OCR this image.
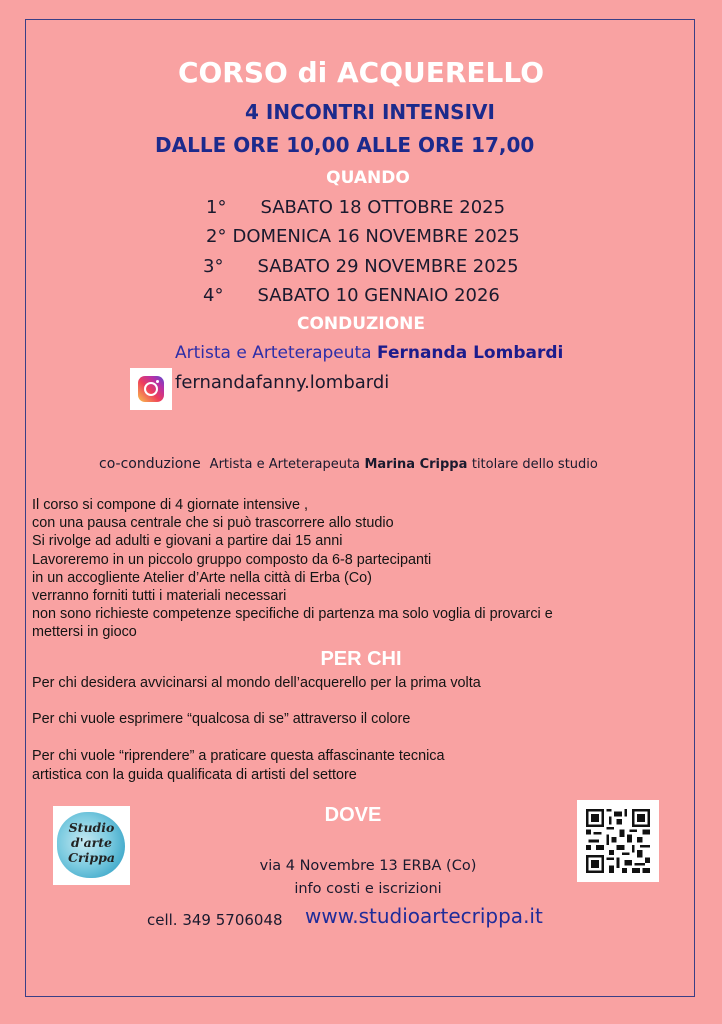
CORSO di ACQUERELLO
4 INCONTRI INTENSIVI
DALLE ORE 10,00 ALLE ORE 17,00
QUANDO
1° SABATO 18 OTTOBRE 2025
2° DOMENICA 16 NOVEMBRE 2025
3° SABATO 29 NOVEMBRE 2025
4° SABATO 10 GENNAIO 2026
CONDUZIONE
Artista e Arteterapeuta Fernanda Lombardi
fernandafanny.lombardi
co-conduzione Artista e Arteterapeuta Marina Crippa titolare dello studio
Il corso si compone di 4 giornate intensive ,
con una pausa centrale che si può trascorrere allo studio
Si rivolge ad adulti e giovani a partire dai 15 anni
Lavoreremo in un piccolo gruppo composto da 6-8 partecipanti
in un accogliente Atelier d’Arte nella città di Erba (Co)
verranno forniti tutti i materiali necessari
non sono richieste competenze specifiche di partenza ma solo voglia di provarci e
mettersi in gioco
PER CHI
Per chi desidera avvicinarsi al mondo dell’acquerello per la prima volta
Per chi vuole esprimere “qualcosa di se” attraverso il colore
Per chi vuole “riprendere” a praticare questa affascinante tecnica
artistica con la guida qualificata di artisti del settore
Studio
d'arte
Crippa
DOVE
via 4 Novembre 13 ERBA (Co)
info costi e iscrizioni
cell. 349 5706048 www.studioartecrippa.it
